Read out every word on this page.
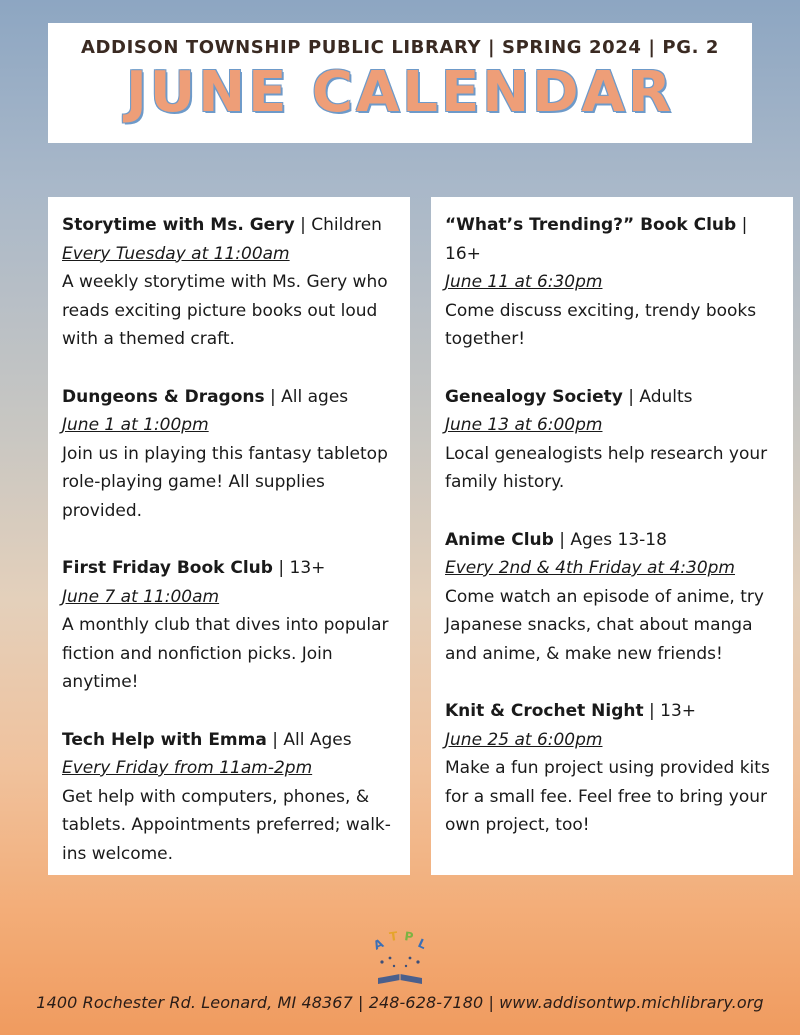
ADDISON TOWNSHIP PUBLIC LIBRARY | SPRING 2024 | PG. 2
JUNE CALENDAR
Storytime with Ms. Gery | Children
Every Tuesday at 11:00am
A weekly storytime with Ms. Gery who reads exciting picture books out loud with a themed craft.
Dungeons & Dragons | All ages
June 1 at 1:00pm
Join us in playing this fantasy tabletop role-playing game! All supplies provided.
First Friday Book Club | 13+
June 7 at 11:00am
A monthly club that dives into popular fiction and nonfiction picks. Join anytime!
Tech Help with Emma | All Ages
Every Friday from 11am-2pm
Get help with computers, phones, & tablets. Appointments preferred; walk-ins welcome.
“What’s Trending?” Book Club | 16+
June 11 at 6:30pm
Come discuss exciting, trendy books together!
Genealogy Society | Adults
June 13 at 6:00pm
Local genealogists help research your family history.
Anime Club | Ages 13-18
Every 2nd & 4th Friday at 4:30pm
Come watch an episode of anime, try Japanese snacks, chat about manga and anime, & make new friends!
Knit & Crochet Night | 13+
June 25 at 6:00pm
Make a fun project using provided kits for a small fee. Feel free to bring your own project, too!
A T P L
1400 Rochester Rd. Leonard, MI 48367 | 248-628-7180 | www.addisontwp.michlibrary.org
